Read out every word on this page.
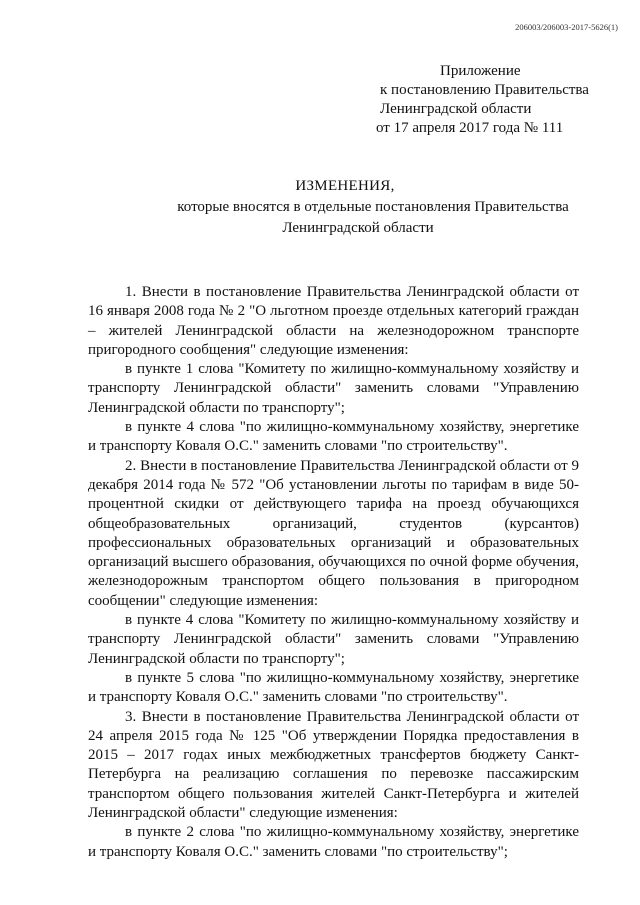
206003/206003-2017-5626(1)
Приложение
к постановлению Правительства
Ленинградской области
от 17 апреля 2017 года № 111
ИЗМЕНЕНИЯ,
которые вносятся в отдельные постановления Правительства
Ленинградской области

1. Внести в постановление Правительства Ленинградской области от 16 января 2008 года № 2 "О льготном проезде отдельных категорий граждан – жителей Ленинградской области на железнодорожном транспорте пригородного сообщения" следующие изменения:

в пункте 1 слова "Комитету по жилищно-коммунальному хозяйству и транспорту Ленинградской области" заменить словами "Управлению Ленинградской области по транспорту";

в пункте 4 слова "по жилищно-коммунальному хозяйству, энергетике и транспорту Коваля О.С." заменить словами "по строительству".

2. Внести в постановление Правительства Ленинградской области от 9 декабря 2014 года № 572 "Об установлении льготы по тарифам в виде 50-процентной скидки от действующего тарифа на проезд обучающихся общеобразовательных организаций, студентов (курсантов) профессиональных образовательных организаций и образовательных организаций высшего образования, обучающихся по очной форме обучения, железнодорожным транспортом общего пользования в пригородном сообщении" следующие изменения:

в пункте 4 слова "Комитету по жилищно-коммунальному хозяйству и транспорту Ленинградской области" заменить словами "Управлению Ленинградской области по транспорту";

в пункте 5 слова "по жилищно-коммунальному хозяйству, энергетике и транспорту Коваля О.С." заменить словами "по строительству".

3. Внести в постановление Правительства Ленинградской области от 24 апреля 2015 года № 125 "Об утверждении Порядка предоставления в 2015 – 2017 годах иных межбюджетных трансфертов бюджету Санкт-Петербурга на реализацию соглашения по перевозке пассажирским транспортом общего пользования жителей Санкт-Петербурга и жителей Ленинградской области" следующие изменения:

в пункте 2 слова "по жилищно-коммунальному хозяйству, энергетике и транспорту Коваля О.С." заменить словами "по строительству";
